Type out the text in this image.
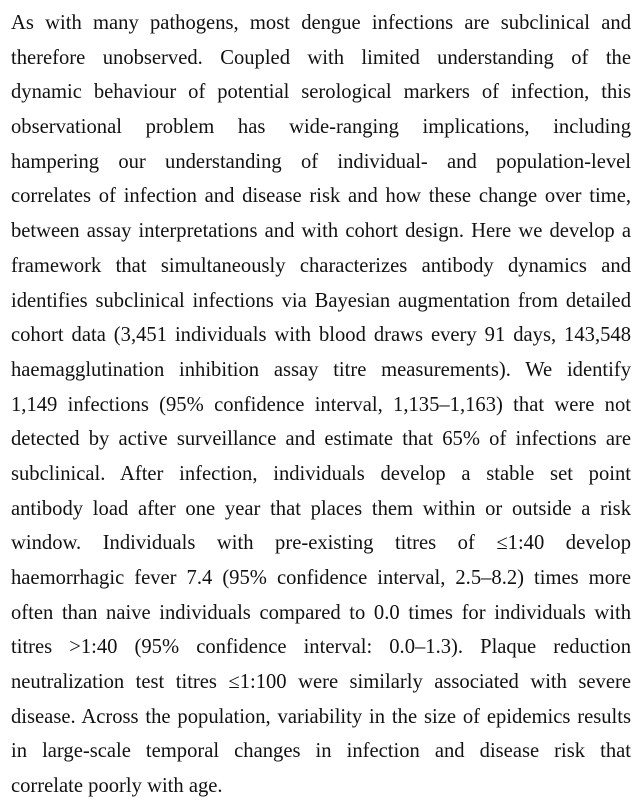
As with many pathogens, most dengue infections are subclinical and
therefore unobserved. Coupled with limited understanding of the
dynamic behaviour of potential serological markers of infection, this
observational problem has wide-ranging implications, including
hampering our understanding of individual- and population-level
correlates of infection and disease risk and how these change over time,
between assay interpretations and with cohort design. Here we develop a
framework that simultaneously characterizes antibody dynamics and
identifies subclinical infections via Bayesian augmentation from detailed
cohort data (3,451 individuals with blood draws every 91 days, 143,548
haemagglutination inhibition assay titre measurements). We identify
1,149 infections (95% confidence interval, 1,135–1,163) that were not
detected by active surveillance and estimate that 65% of infections are
subclinical. After infection, individuals develop a stable set point
antibody load after one year that places them within or outside a risk
window. Individuals with pre-existing titres of ≤1:40 develop
haemorrhagic fever 7.4 (95% confidence interval, 2.5–8.2) times more
often than naive individuals compared to 0.0 times for individuals with
titres >1:40 (95% confidence interval: 0.0–1.3). Plaque reduction
neutralization test titres ≤1:100 were similarly associated with severe
disease. Across the population, variability in the size of epidemics results
in large-scale temporal changes in infection and disease risk that
correlate poorly with age.
